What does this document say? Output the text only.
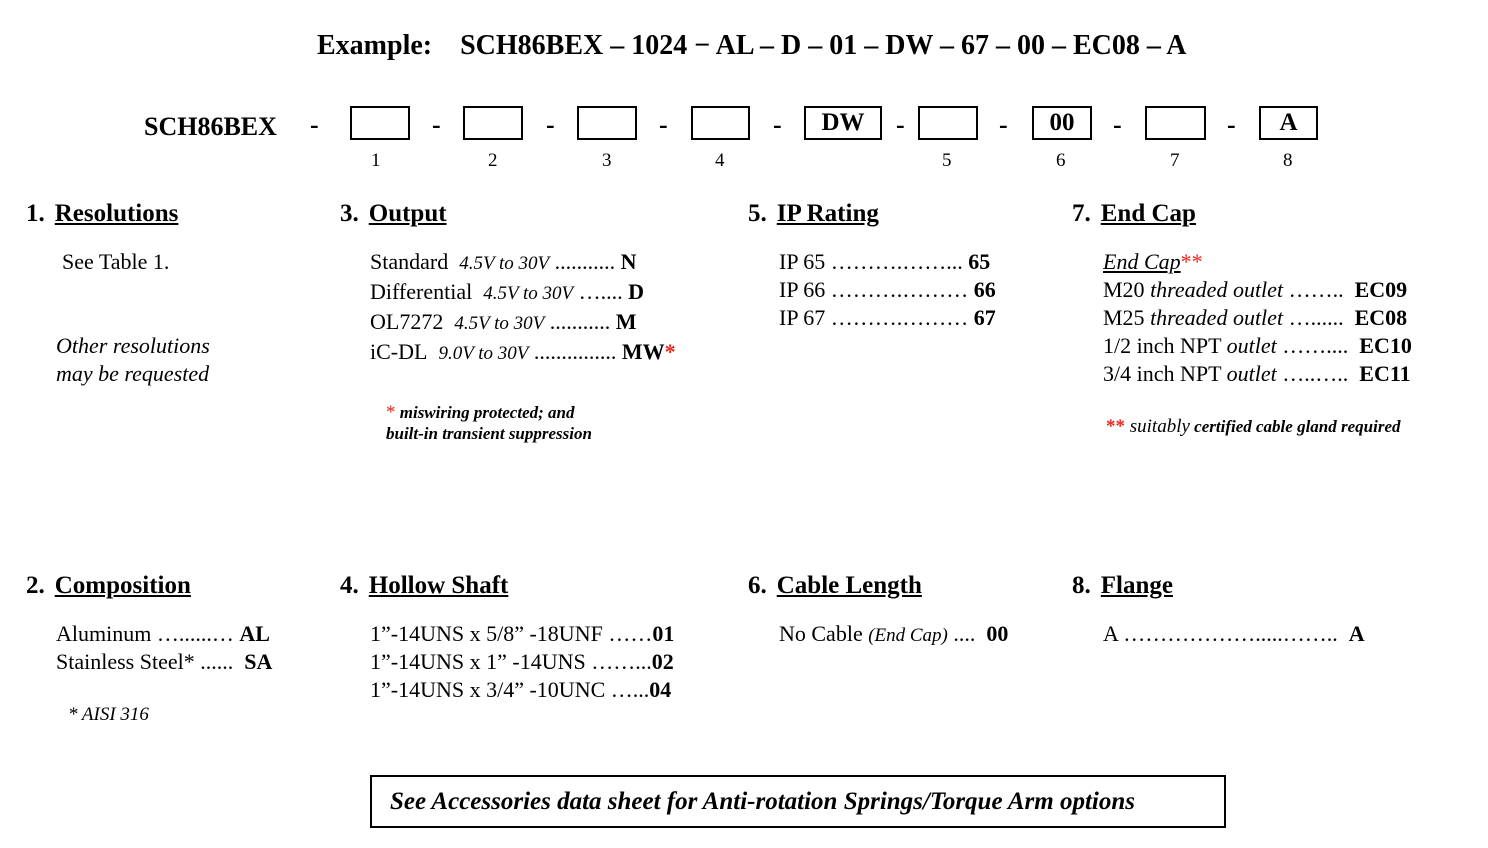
Example: SCH86BEX – 1024 − AL – D – 01 – DW – 67 – 00 – EC08 – A
SCH86BEX -	-	-	-	-	-	-	-	-
DW	00	A
1	2	3	4	5	6	7	8
1. Resolutions
See Table 1.
Other resolutions
may be requested
3. Output
Standard 4.5V to 30V ........... N
Differential 4.5V to 30V ….... D
OL7272 4.5V to 30V ........... M
iC-DL 9.0V to 30V ............... MW*
* miswiring protected; and
built-in transient suppression
5. IP Rating
IP 65 ……….……... 65
IP 66 ……….……… 66
IP 67 ……….……… 67
7. End Cap
End Cap**
M20 threaded outlet …….. EC09
M25 threaded outlet …......  EC08
1/2 inch NPT outlet …….... EC10
3/4 inch NPT outlet …..…..  EC11
** suitably certified cable gland required
2. Composition
Aluminum …......… AL
Stainless Steel* ......  SA
* AISI 316
4. Hollow Shaft
1”-14UNS x 5/8” -18UNF ……01
1”-14UNS x 1” -14UNS ……...02
1”-14UNS x 3/4” -10UNC …...04
6. Cable Length
No Cable (End Cap) ....  00
8. Flange
A ……………….....……..  A
See Accessories data sheet for Anti-rotation Springs/Torque Arm options
